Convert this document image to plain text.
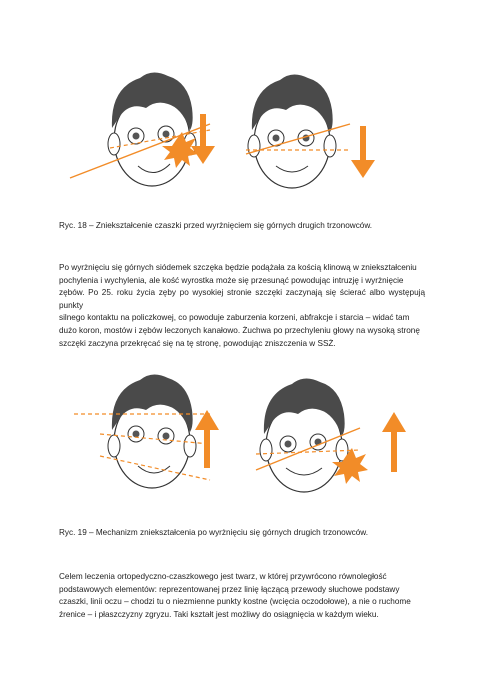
Ryc. 18 – Zniekształcenie czaszki przed wyrżnięciem się górnych drugich trzonowców.
Po wyrżnięciu się górnych siódemek szczęka będzie podążała za kością klinową w zniekształceniu
pochylenia i wychylenia, ale kość wyrostka może się przesunąć powodując intruzję i wyrżnięcie
zębów. Po 25. roku życia zęby po wysokiej stronie szczęki zaczynają się ścierać albo występują punkty
silnego kontaktu na policzkowej, co powoduje zaburzenia korzeni, abfrakcje i starcia – widać tam
dużo koron, mostów i zębów leczonych kanałowo. Żuchwa po przechyleniu głowy na wysoką stronę
szczęki zaczyna przekręcać się na tę stronę, powodując zniszczenia w SSŻ.
Ryc. 19 – Mechanizm zniekształcenia po wyrżnięciu się górnych drugich trzonowców.
Celem leczenia ortopedyczno-czaszkowego jest twarz, w której przywrócono równoległość
podstawowych elementów: reprezentowanej przez linię łączącą przewody słuchowe podstawy
czaszki, linii oczu – chodzi tu o niezmienne punkty kostne (wcięcia oczodołowe), a nie o ruchome
źrenice – i płaszczyzny zgryzu. Taki kształt jest możliwy do osiągnięcia w każdym wieku.
